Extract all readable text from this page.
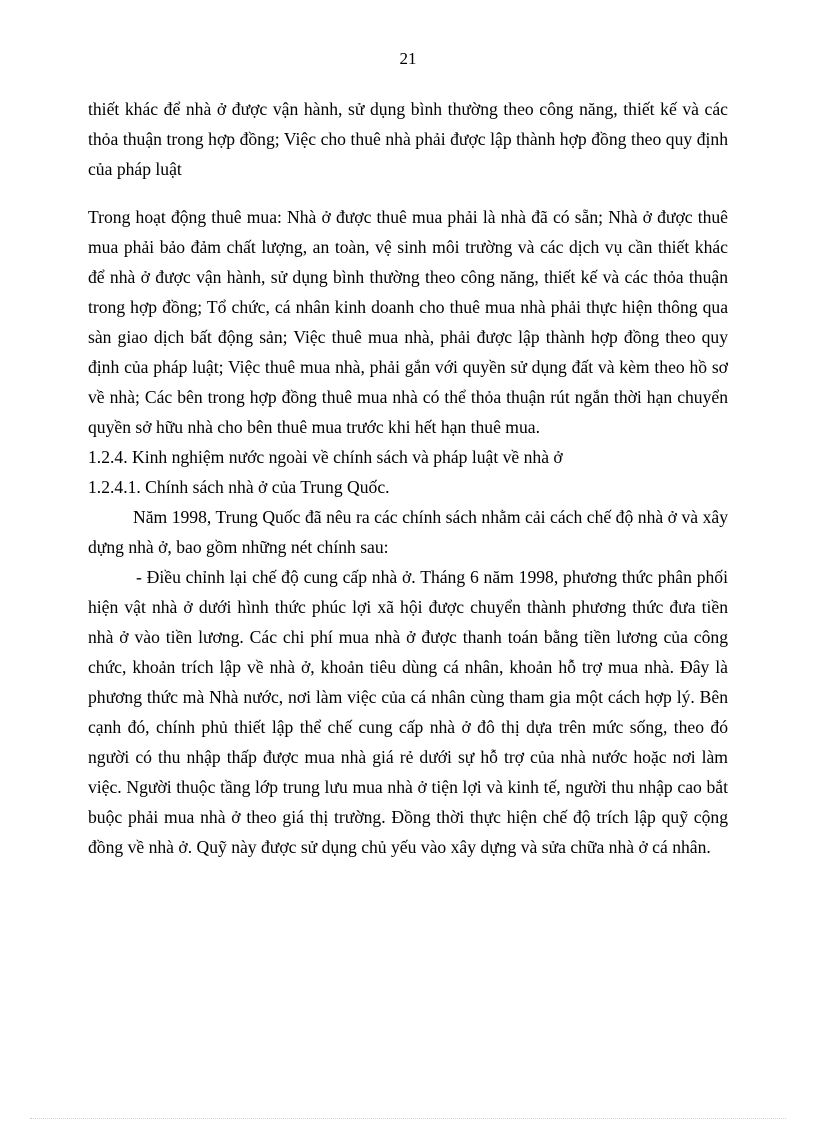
21

thiết khác để nhà ở được vận hành, sử dụng bình thường theo công năng, thiết kế và các thỏa thuận trong hợp đồng; Việc cho thuê nhà phải được lập thành hợp đồng theo quy định của pháp luật

Trong hoạt động thuê mua: Nhà ở được thuê mua phải là nhà đã có sẵn; Nhà ở được thuê mua phải bảo đảm chất lượng, an toàn, vệ sinh môi trường và các dịch vụ cần thiết khác để nhà ở được vận hành, sử dụng bình thường theo công năng, thiết kế và các thỏa thuận trong hợp đồng; Tổ chức, cá nhân kinh doanh cho thuê mua nhà phải thực hiện thông qua sàn giao dịch bất động sản; Việc thuê mua nhà, phải được lập thành hợp đồng theo quy định của pháp luật; Việc thuê mua nhà, phải gắn với quyền sử dụng đất và kèm theo hồ sơ về nhà; Các bên trong hợp đồng thuê mua nhà có thể thỏa thuận rút ngắn thời hạn chuyển quyền sở hữu nhà cho bên thuê mua trước khi hết hạn thuê mua.

1.2.4. Kinh nghiệm nước ngoài về chính sách và pháp luật về nhà ở

1.2.4.1. Chính sách nhà ở của Trung Quốc.

Năm 1998, Trung Quốc đã nêu ra các chính sách nhằm cải cách chế độ nhà ở và xây dựng nhà ở, bao gồm những nét chính sau:

- Điều chỉnh lại chế độ cung cấp nhà ở. Tháng 6 năm 1998, phương thức phân phối hiện vật nhà ở dưới hình thức phúc lợi xã hội được chuyển thành phương thức đưa tiền nhà ở vào tiền lương. Các chi phí mua nhà ở được thanh toán bằng tiền lương của công chức, khoản trích lập về nhà ở, khoản tiêu dùng cá nhân, khoản hỗ trợ mua nhà. Đây là phương thức mà Nhà nước, nơi làm việc của cá nhân cùng tham gia một cách hợp lý. Bên cạnh đó, chính phủ thiết lập thể chế cung cấp nhà ở đô thị dựa trên mức sống, theo đó người có thu nhập thấp được mua nhà giá rẻ dưới sự hỗ trợ của nhà nước hoặc nơi làm việc. Người thuộc tầng lớp trung lưu mua nhà ở tiện lợi và kinh tế, người thu nhập cao bắt buộc phải mua nhà ở theo giá thị trường. Đồng thời thực hiện chế độ trích lập quỹ cộng đồng về nhà ở. Quỹ này được sử dụng chủ yếu vào xây dựng và sửa chữa nhà ở cá nhân.
